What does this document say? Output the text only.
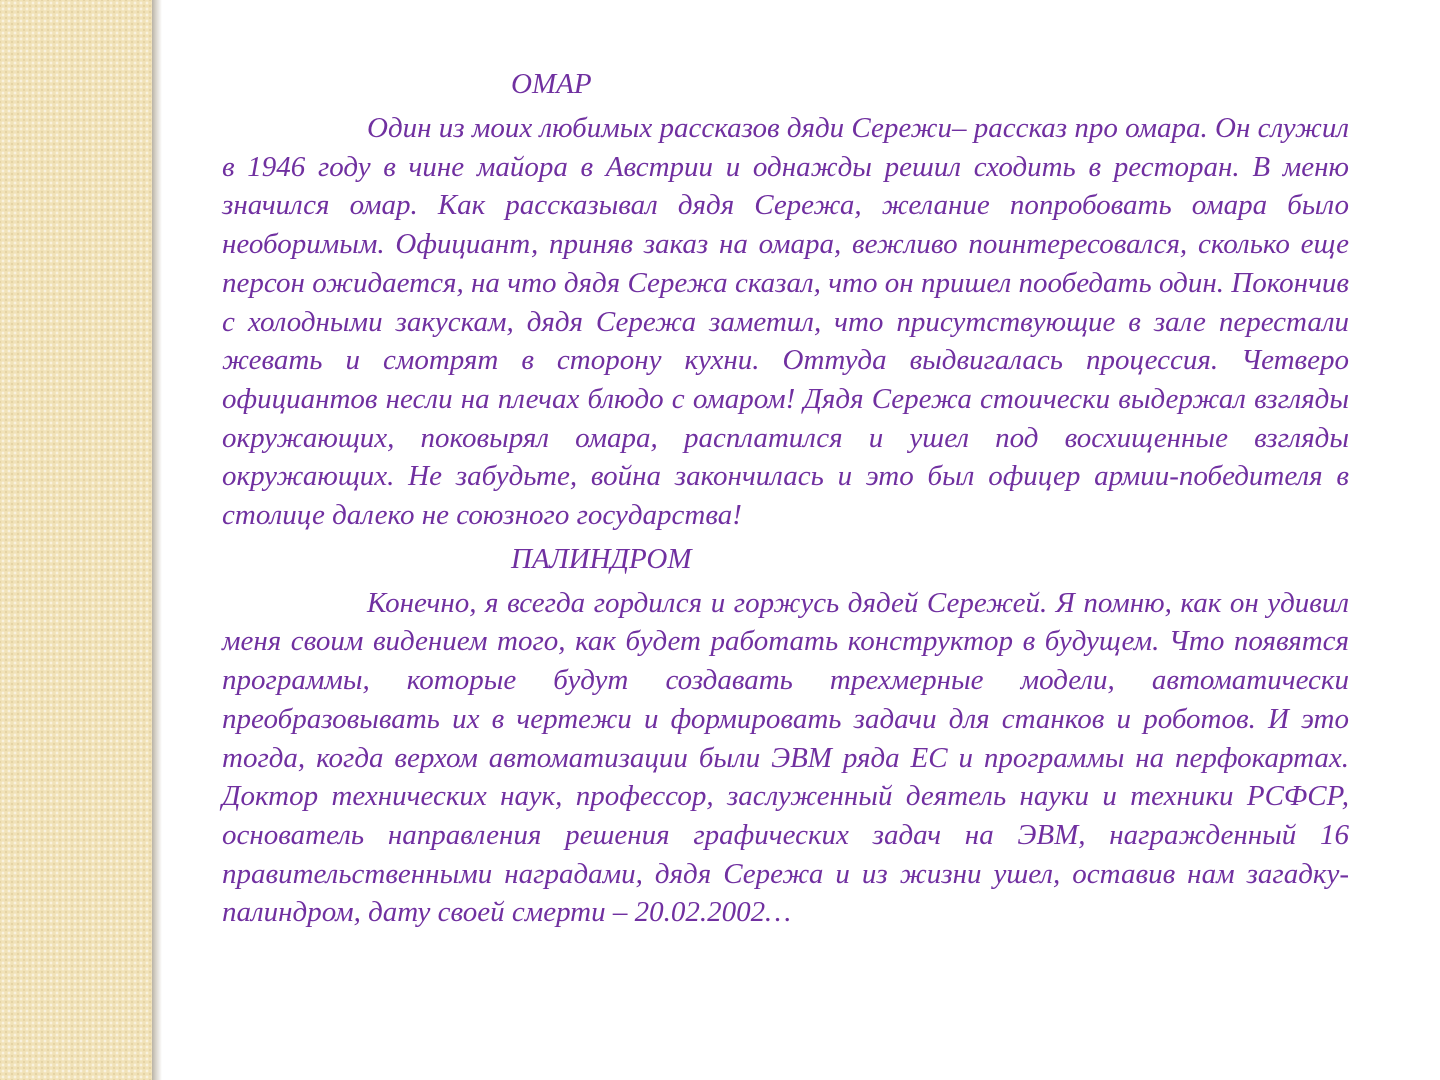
ОМАР

Один из моих любимых рассказов дяди Сережи– рассказ про омара. Он служил в 1946 году в чине майора в Австрии и однажды решил сходить в ресторан. В меню значился омар. Как рассказывал дядя Сережа, желание попробовать омара было необоримым. Официант, приняв заказ на омара, вежливо поинтересовался, сколько еще персон ожидается, на что дядя Сережа сказал, что он пришел пообедать один. Покончив с холодными закускам, дядя Сережа заметил, что присутствующие в зале перестали жевать и смотрят в сторону кухни. Оттуда выдвигалась процессия. Четверо официантов несли на плечах блюдо с омаром! Дядя Сережа стоически выдержал взгляды окружающих, поковырял омара, расплатился и ушел под восхищенные взгляды окружающих. Не забудьте, война закончилась и это был офицер армии-победителя в столице далеко не союзного государства!

ПАЛИНДРОМ

Конечно, я всегда гордился и горжусь дядей Сережей. Я помню, как он удивил меня своим видением того, как будет работать конструктор в будущем. Что появятся программы, которые будут создавать трехмерные модели, автоматически преобразовывать их в чертежи и формировать задачи для станков и роботов. И это тогда, когда верхом автоматизации были ЭВМ ряда ЕС и программы на перфокартах. Доктор технических наук, профессор, заслуженный деятель науки и техники РСФСР, основатель направления решения графических задач на ЭВМ, награжденный 16 правительственными наградами, дядя Сережа и из жизни ушел, оставив нам загадку-палиндром, дату своей смерти – 20.02.2002…
